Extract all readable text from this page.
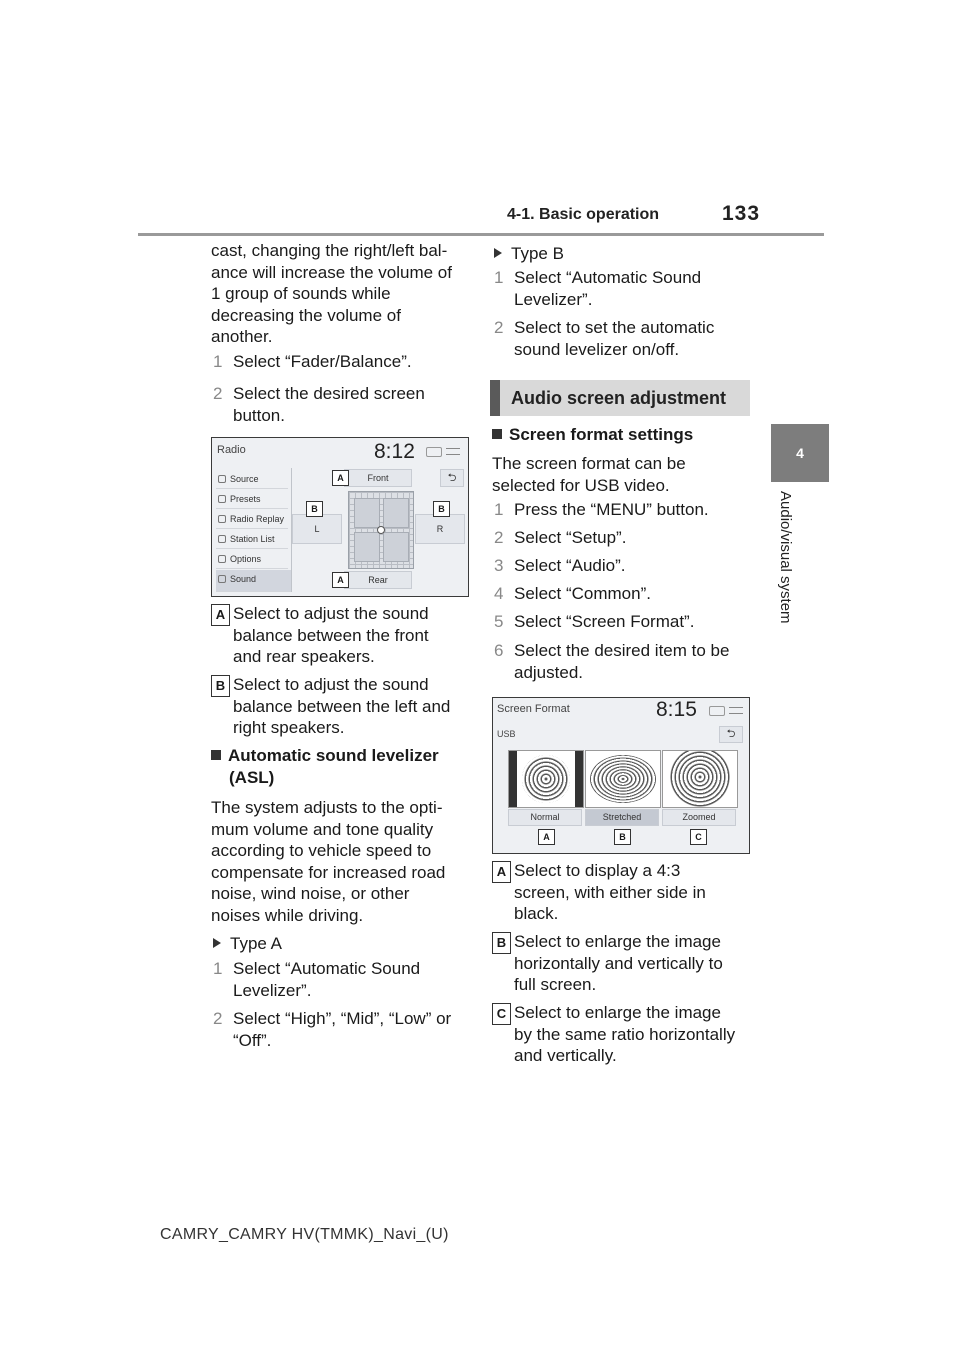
4-1. Basic operation	133
4
Audio/visual system
cast, changing the right/left bal-
ance will increase the volume of
1 group of sounds while
decreasing the volume of
another.
1 Select “Fader/Balance”.
2 Select the desired screen
button.
Radio	8:12
Source
Presets
Radio Replay
Station List
Options
Sound
Front
Rear
L	R
⮌
A
A
B	B
A Select to adjust the sound
balance between the front
and rear speakers.
B Select to adjust the sound
balance between the left and
right speakers.
Automatic sound levelizer
(ASL)
The system adjusts to the opti-
mum volume and tone quality
according to vehicle speed to
compensate for increased road
noise, wind noise, or other
noises while driving.
Type A
1 Select “Automatic Sound
Levelizer”.
2 Select “High”, “Mid”, “Low” or
“Off”.
Type B
1 Select “Automatic Sound
Levelizer”.
2 Select to set the automatic
sound levelizer on/off.
Audio screen adjustment
Screen format settings
The screen format can be
selected for USB video.
1 Press the “MENU” button.
2 Select “Setup”.
3 Select “Audio”.
4 Select “Common”.
5 Select “Screen Format”.
6 Select the desired item to be
adjusted.
Screen Format	8:15
USB	⮌
Normal	Stretched	Zoomed
A	B	C
A Select to display a 4:3
screen, with either side in
black.
B Select to enlarge the image
horizontally and vertically to
full screen.
C Select to enlarge the image
by the same ratio horizontally
and vertically.
CAMRY_CAMRY HV(TMMK)_Navi_(U)
